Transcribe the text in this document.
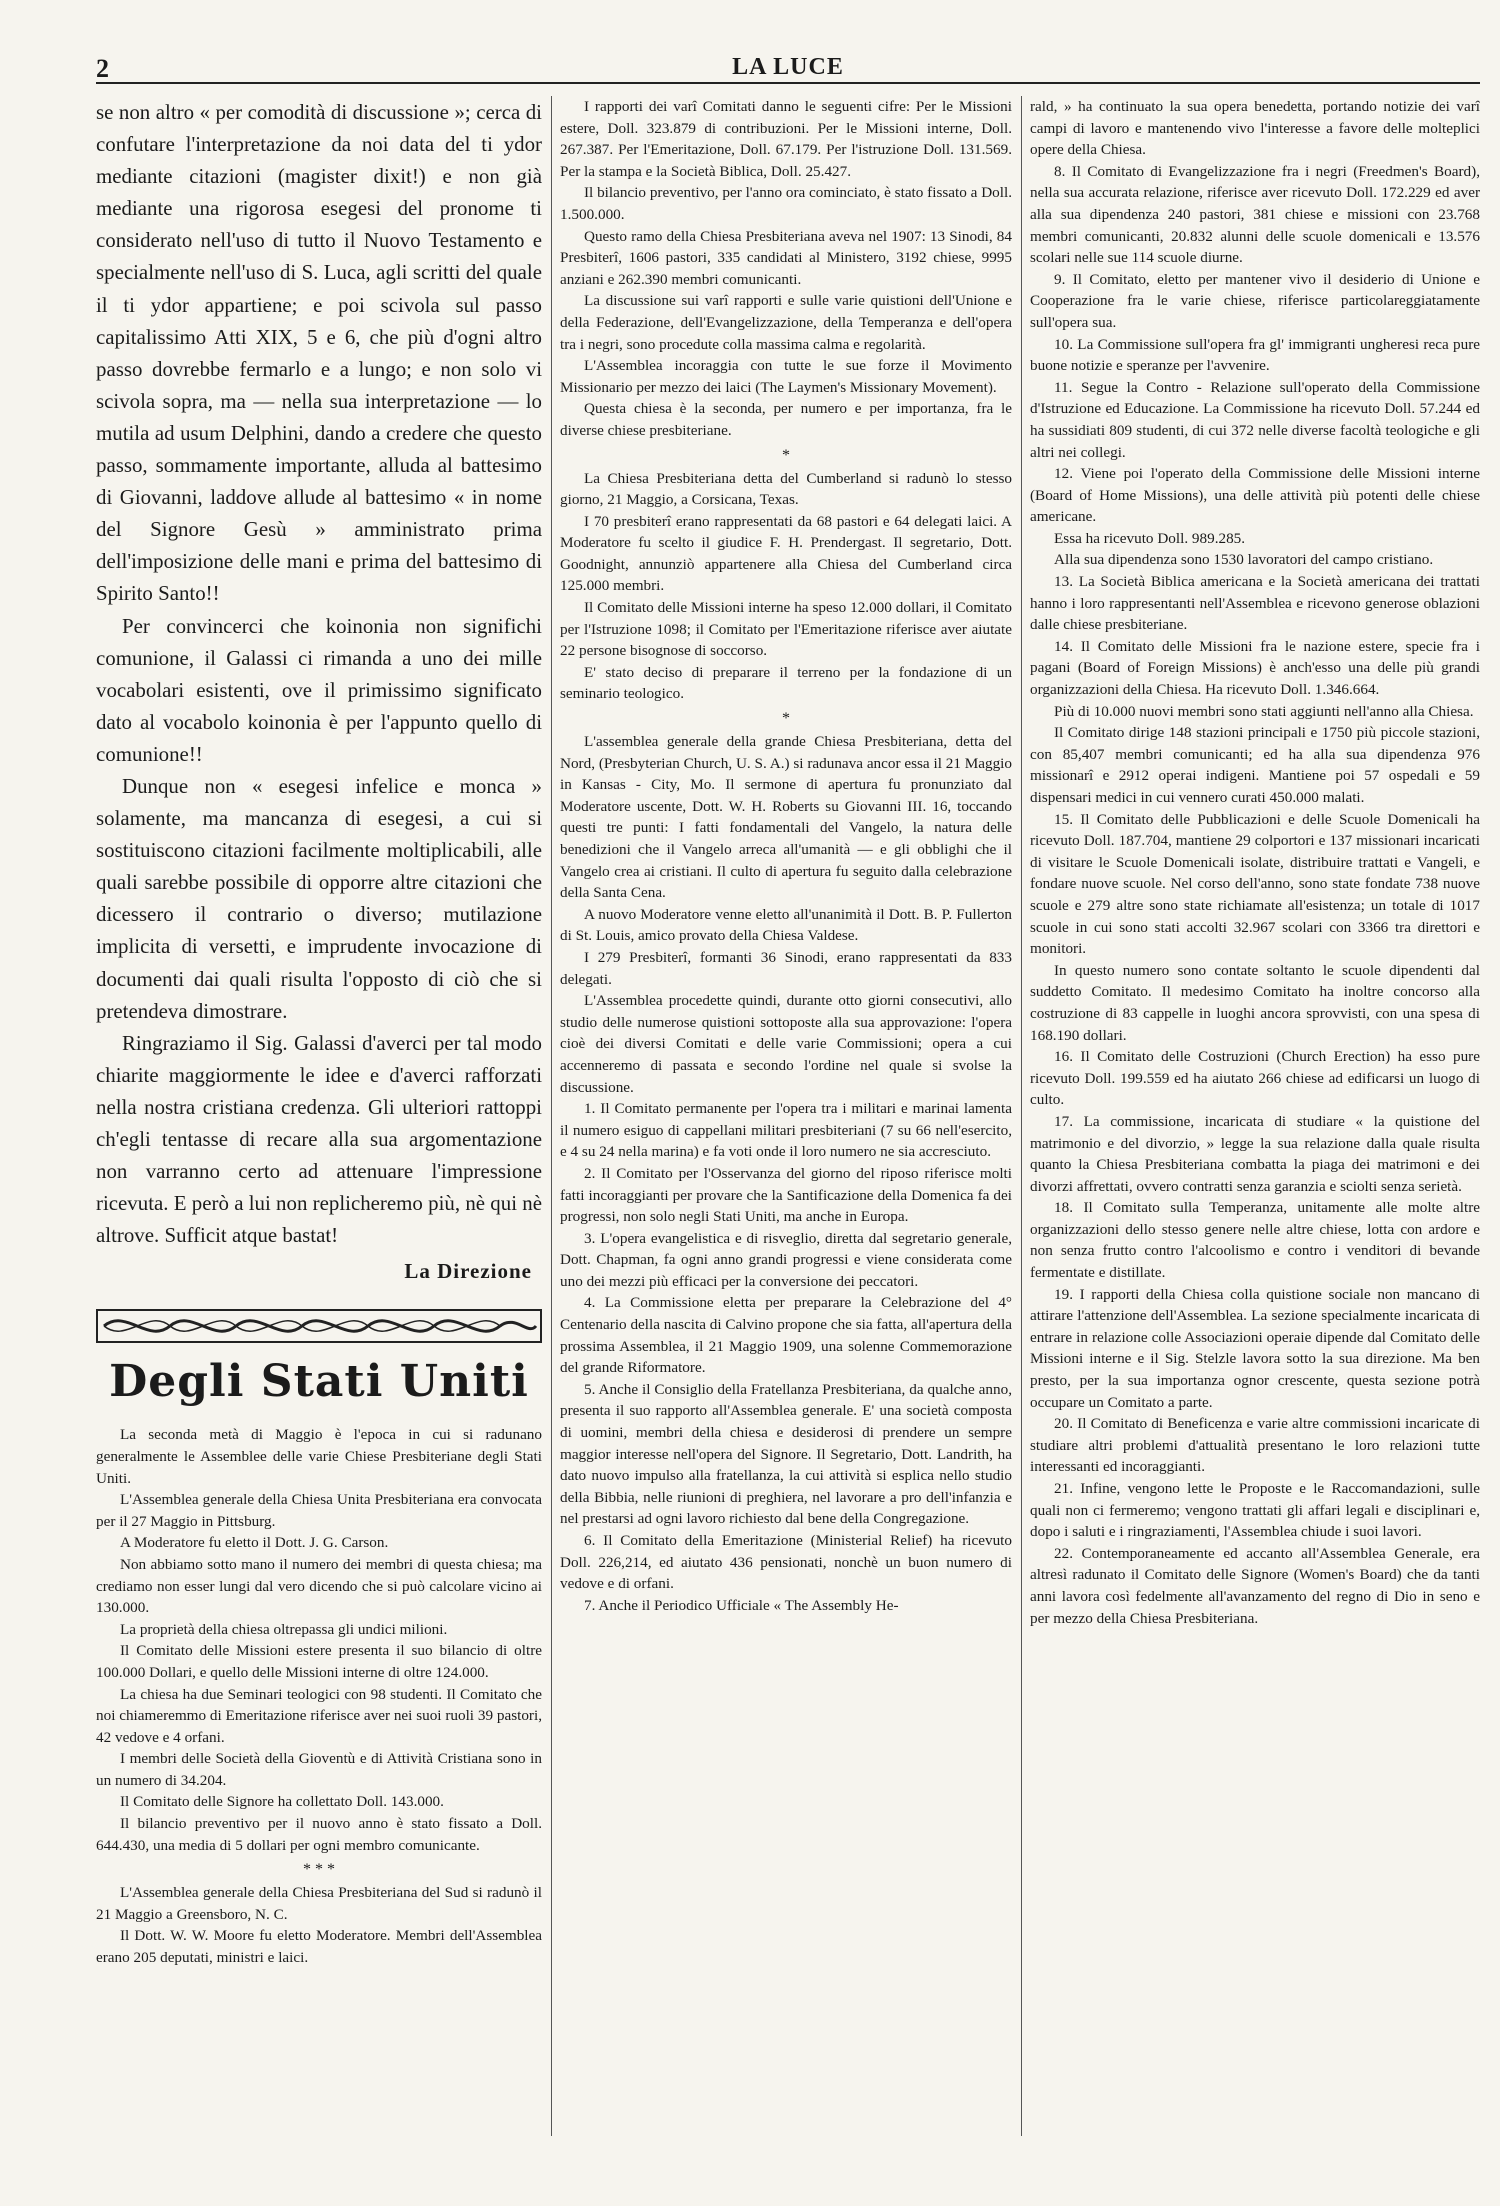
2	LA LUCE

se non altro « per comodità di discussione »; cerca di confutare l'interpretazione da noi data del ti ydor mediante citazioni (magister dixit!) e non già mediante una rigorosa esegesi del pronome ti considerato nell'uso di tutto il Nuovo Testamento e specialmente nell'uso di S. Luca, agli scritti del quale il ti ydor appartiene; e poi scivola sul passo capitalissimo Atti XIX, 5 e 6, che più d'ogni altro passo dovrebbe fermarlo e a lungo; e non solo vi scivola sopra, ma — nella sua interpretazione — lo mutila ad usum Delphini, dando a credere che questo passo, sommamente importante, alluda al battesimo di Giovanni, laddove allude al battesimo « in nome del Signore Gesù » amministrato prima dell'imposizione delle mani e prima del battesimo di Spirito Santo!!

Per convincerci che koinonia non significhi comunione, il Galassi ci rimanda a uno dei mille vocabolari esistenti, ove il primissimo significato dato al vocabolo koinonia è per l'appunto quello di comunione!!

Dunque non « esegesi infelice e monca » solamente, ma mancanza di esegesi, a cui si sostituiscono citazioni facilmente moltiplicabili, alle quali sarebbe possibile di opporre altre citazioni che dicessero il contrario o diverso; mutilazione implicita di versetti, e imprudente invocazione di documenti dai quali risulta l'opposto di ciò che si pretendeva dimostrare.

Ringraziamo il Sig. Galassi d'averci per tal modo chiarite maggiormente le idee e d'averci rafforzati nella nostra cristiana credenza. Gli ulteriori rattoppi ch'egli tentasse di recare alla sua argomentazione non varranno certo ad attenuare l'impressione ricevuta. E però a lui non replicheremo più, nè qui nè altrove. Sufficit atque bastat!

La Direzione
Degli Stati Uniti

La seconda metà di Maggio è l'epoca in cui si radunano generalmente le Assemblee delle varie Chiese Presbiteriane degli Stati Uniti.

L'Assemblea generale della Chiesa Unita Presbiteriana era convocata per il 27 Maggio in Pittsburg.

A Moderatore fu eletto il Dott. J. G. Carson.

Non abbiamo sotto mano il numero dei membri di questa chiesa; ma crediamo non esser lungi dal vero dicendo che si può calcolare vicino ai 130.000.

La proprietà della chiesa oltrepassa gli undici milioni.

Il Comitato delle Missioni estere presenta il suo bilancio di oltre 100.000 Dollari, e quello delle Missioni interne di oltre 124.000.

La chiesa ha due Seminari teologici con 98 studenti. Il Comitato che noi chiameremmo di Emeritazione riferisce aver nei suoi ruoli 39 pastori, 42 vedove e 4 orfani.

I membri delle Società della Gioventù e di Attività Cristiana sono in un numero di 34.204.

Il Comitato delle Signore ha collettato Doll. 143.000.

Il bilancio preventivo per il nuovo anno è stato fissato a Doll. 644.430, una media di 5 dollari per ogni membro comunicante.

* * *

L'Assemblea generale della Chiesa Presbiteriana del Sud si radunò il 21 Maggio a Greensboro, N. C.

Il Dott. W. W. Moore fu eletto Moderatore. Membri dell'Assemblea erano 205 deputati, ministri e laici.

I rapporti dei varî Comitati danno le seguenti cifre: Per le Missioni estere, Doll. 323.879 di contribuzioni. Per le Missioni interne, Doll. 267.387. Per l'Emeritazione, Doll. 67.179. Per l'istruzione Doll. 131.569. Per la stampa e la Società Biblica, Doll. 25.427.

Il bilancio preventivo, per l'anno ora cominciato, è stato fissato a Doll. 1.500.000.

Questo ramo della Chiesa Presbiteriana aveva nel 1907: 13 Sinodi, 84 Presbiterî, 1606 pastori, 335 candidati al Ministero, 3192 chiese, 9995 anziani e 262.390 membri comunicanti.

La discussione sui varî rapporti e sulle varie quistioni dell'Unione e della Federazione, dell'Evangelizzazione, della Temperanza e dell'opera tra i negri, sono procedute colla massima calma e regolarità.

L'Assemblea incoraggia con tutte le sue forze il Movimento Missionario per mezzo dei laici (The Laymen's Missionary Movement).

Questa chiesa è la seconda, per numero e per importanza, fra le diverse chiese presbiteriane.

*

La Chiesa Presbiteriana detta del Cumberland si radunò lo stesso giorno, 21 Maggio, a Corsicana, Texas.

I 70 presbiterî erano rappresentati da 68 pastori e 64 delegati laici. A Moderatore fu scelto il giudice F. H. Prendergast. Il segretario, Dott. Goodnight, annunziò appartenere alla Chiesa del Cumberland circa 125.000 membri.

Il Comitato delle Missioni interne ha speso 12.000 dollari, il Comitato per l'Istruzione 1098; il Comitato per l'Emeritazione riferisce aver aiutate 22 persone bisognose di soccorso.

E' stato deciso di preparare il terreno per la fondazione di un seminario teologico.

*

L'assemblea generale della grande Chiesa Presbiteriana, detta del Nord, (Presbyterian Church, U. S. A.) si radunava ancor essa il 21 Maggio in Kansas - City, Mo. Il sermone di apertura fu pronunziato dal Moderatore uscente, Dott. W. H. Roberts su Giovanni III. 16, toccando questi tre punti: I fatti fondamentali del Vangelo, la natura delle benedizioni che il Vangelo arreca all'umanità — e gli obblighi che il Vangelo crea ai cristiani. Il culto di apertura fu seguito dalla celebrazione della Santa Cena.

A nuovo Moderatore venne eletto all'unanimità il Dott. B. P. Fullerton di St. Louis, amico provato della Chiesa Valdese.

I 279 Presbiterî, formanti 36 Sinodi, erano rappresentati da 833 delegati.

L'Assemblea procedette quindi, durante otto giorni consecutivi, allo studio delle numerose quistioni sottoposte alla sua approvazione: l'opera cioè dei diversi Comitati e delle varie Commissioni; opera a cui accenneremo di passata e secondo l'ordine nel quale si svolse la discussione.

1. Il Comitato permanente per l'opera tra i militari e marinai lamenta il numero esiguo di cappellani militari presbiteriani (7 su 66 nell'esercito, e 4 su 24 nella marina) e fa voti onde il loro numero ne sia accresciuto.

2. Il Comitato per l'Osservanza del giorno del riposo riferisce molti fatti incoraggianti per provare che la Santificazione della Domenica fa dei progressi, non solo negli Stati Uniti, ma anche in Europa.

3. L'opera evangelistica e di risveglio, diretta dal segretario generale, Dott. Chapman, fa ogni anno grandi progressi e viene considerata come uno dei mezzi più efficaci per la conversione dei peccatori.

4. La Commissione eletta per preparare la Celebrazione del 4° Centenario della nascita di Calvino propone che sia fatta, all'apertura della prossima Assemblea, il 21 Maggio 1909, una solenne Commemorazione del grande Riformatore.

5. Anche il Consiglio della Fratellanza Presbiteriana, da qualche anno, presenta il suo rapporto all'Assemblea generale. E' una società composta di uomini, membri della chiesa e desiderosi di prendere un sempre maggior interesse nell'opera del Signore. Il Segretario, Dott. Landrith, ha dato nuovo impulso alla fratellanza, la cui attività si esplica nello studio della Bibbia, nelle riunioni di preghiera, nel lavorare a pro dell'infanzia e nel prestarsi ad ogni lavoro richiesto dal bene della Congregazione.

6. Il Comitato della Emeritazione (Ministerial Relief) ha ricevuto Doll. 226,214, ed aiutato 436 pensionati, nonchè un buon numero di vedove e di orfani.

7. Anche il Periodico Ufficiale « The Assembly He-

rald, » ha continuato la sua opera benedetta, portando notizie dei varî campi di lavoro e mantenendo vivo l'interesse a favore delle molteplici opere della Chiesa.

8. Il Comitato di Evangelizzazione fra i negri (Freedmen's Board), nella sua accurata relazione, riferisce aver ricevuto Doll. 172.229 ed aver alla sua dipendenza 240 pastori, 381 chiese e missioni con 23.768 membri comunicanti, 20.832 alunni delle scuole domenicali e 13.576 scolari nelle sue 114 scuole diurne.

9. Il Comitato, eletto per mantener vivo il desiderio di Unione e Cooperazione fra le varie chiese, riferisce particolareggiatamente sull'opera sua.

10. La Commissione sull'opera fra gl' immigranti ungheresi reca pure buone notizie e speranze per l'avvenire.

11. Segue la Contro - Relazione sull'operato della Commissione d'Istruzione ed Educazione. La Commissione ha ricevuto Doll. 57.244 ed ha sussidiati 809 studenti, di cui 372 nelle diverse facoltà teologiche e gli altri nei collegi.

12. Viene poi l'operato della Commissione delle Missioni interne (Board of Home Missions), una delle attività più potenti delle chiese americane.

Essa ha ricevuto Doll. 989.285.

Alla sua dipendenza sono 1530 lavoratori del campo cristiano.

13. La Società Biblica americana e la Società americana dei trattati hanno i loro rappresentanti nell'Assemblea e ricevono generose oblazioni dalle chiese presbiteriane.

14. Il Comitato delle Missioni fra le nazione estere, specie fra i pagani (Board of Foreign Missions) è anch'esso una delle più grandi organizzazioni della Chiesa. Ha ricevuto Doll. 1.346.664.

Più di 10.000 nuovi membri sono stati aggiunti nell'anno alla Chiesa.

Il Comitato dirige 148 stazioni principali e 1750 più piccole stazioni, con 85,407 membri comunicanti; ed ha alla sua dipendenza 976 missionarî e 2912 operai indigeni. Mantiene poi 57 ospedali e 59 dispensari medici in cui vennero curati 450.000 malati.

15. Il Comitato delle Pubblicazioni e delle Scuole Domenicali ha ricevuto Doll. 187.704, mantiene 29 colportori e 137 missionari incaricati di visitare le Scuole Domenicali isolate, distribuire trattati e Vangeli, e fondare nuove scuole. Nel corso dell'anno, sono state fondate 738 nuove scuole e 279 altre sono state richiamate all'esistenza; un totale di 1017 scuole in cui sono stati accolti 32.967 scolari con 3366 tra direttori e monitori.

In questo numero sono contate soltanto le scuole dipendenti dal suddetto Comitato. Il medesimo Comitato ha inoltre concorso alla costruzione di 83 cappelle in luoghi ancora sprovvisti, con una spesa di 168.190 dollari.

16. Il Comitato delle Costruzioni (Church Erection) ha esso pure ricevuto Doll. 199.559 ed ha aiutato 266 chiese ad edificarsi un luogo di culto.

17. La commissione, incaricata di studiare « la quistione del matrimonio e del divorzio, » legge la sua relazione dalla quale risulta quanto la Chiesa Presbiteriana combatta la piaga dei matrimoni e dei divorzi affrettati, ovvero contratti senza garanzia e sciolti senza serietà.

18. Il Comitato sulla Temperanza, unitamente alle molte altre organizzazioni dello stesso genere nelle altre chiese, lotta con ardore e non senza frutto contro l'alcoolismo e contro i venditori di bevande fermentate e distillate.

19. I rapporti della Chiesa colla quistione sociale non mancano di attirare l'attenzione dell'Assemblea. La sezione specialmente incaricata di entrare in relazione colle Associazioni operaie dipende dal Comitato delle Missioni interne e il Sig. Stelzle lavora sotto la sua direzione. Ma ben presto, per la sua importanza ognor crescente, questa sezione potrà occupare un Comitato a parte.

20. Il Comitato di Beneficenza e varie altre commissioni incaricate di studiare altri problemi d'attualità presentano le loro relazioni tutte interessanti ed incoraggianti.

21. Infine, vengono lette le Proposte e le Raccomandazioni, sulle quali non ci fermeremo; vengono trattati gli affari legali e disciplinari e, dopo i saluti e i ringraziamenti, l'Assemblea chiude i suoi lavori.

22. Contemporaneamente ed accanto all'Assemblea Generale, era altresì radunato il Comitato delle Signore (Women's Board) che da tanti anni lavora così fedelmente all'avanzamento del regno di Dio in seno e per mezzo della Chiesa Presbiteriana.
